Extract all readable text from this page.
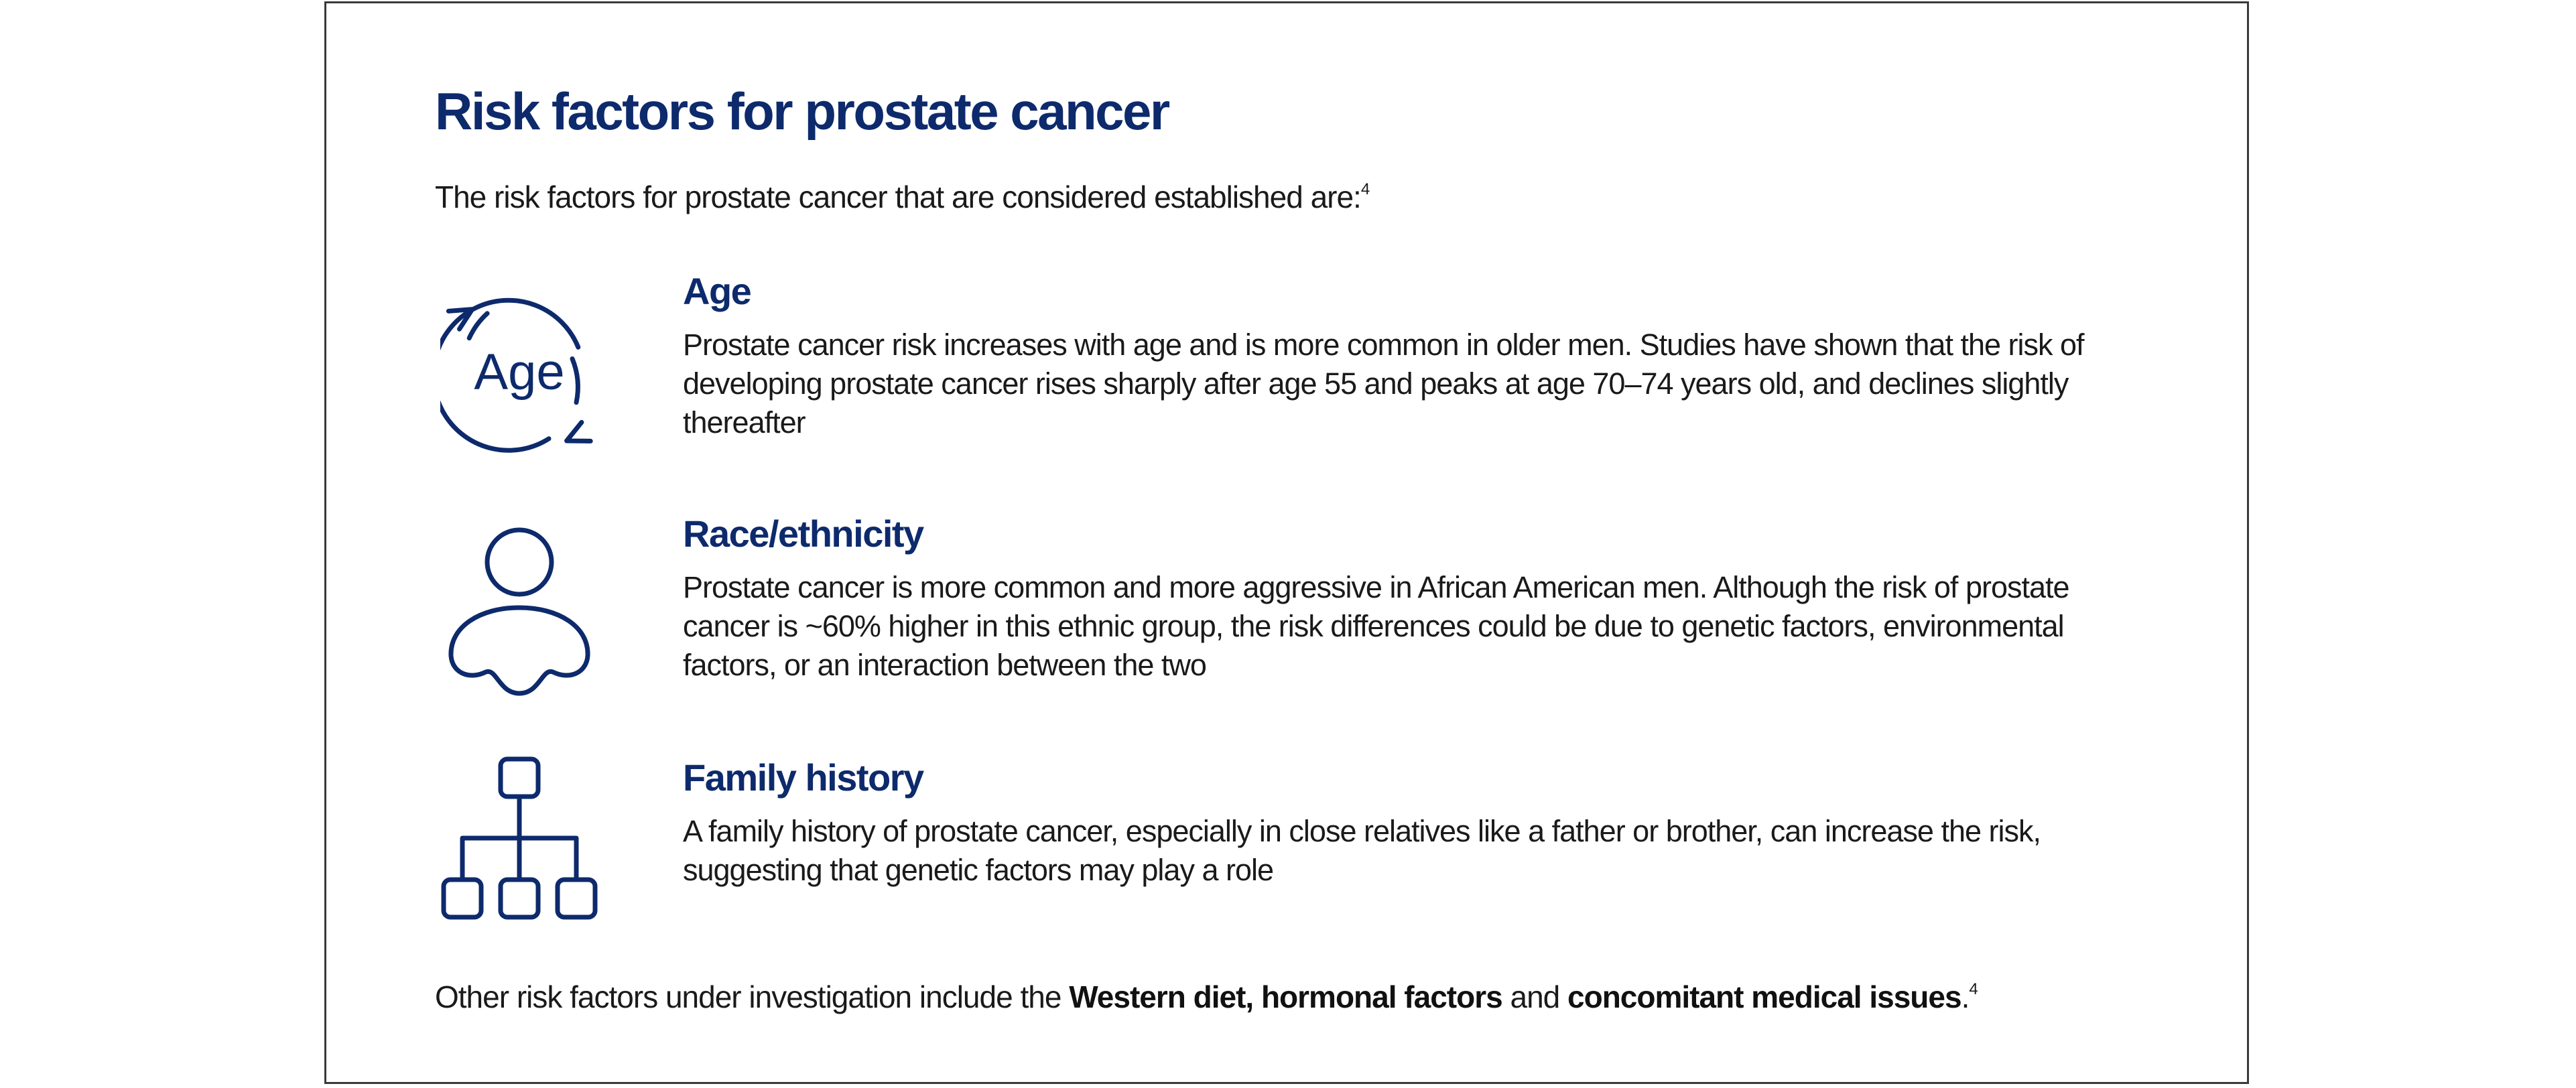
Risk factors for prostate cancer

The risk factors for prostate cancer that are considered established are:$^4$

Age
Age

Prostate cancer risk increases with age and is more common in older men. Studies have shown that the risk of developing prostate cancer rises sharply after age 55 and peaks at age 70–74 years old, and declines slightly thereafter

Race/ethnicity

Prostate cancer is more common and more aggressive in African American men. Although the risk of prostate cancer is ~60% higher in this ethnic group, the risk differences could be due to genetic factors, environmental factors, or an interaction between the two

Family history

A family history of prostate cancer, especially in close relatives like a father or brother, can increase the risk, suggesting that genetic factors may play a role

Other risk factors under investigation include the Western diet, hormonal factors and concomitant medical issues.$^4$
